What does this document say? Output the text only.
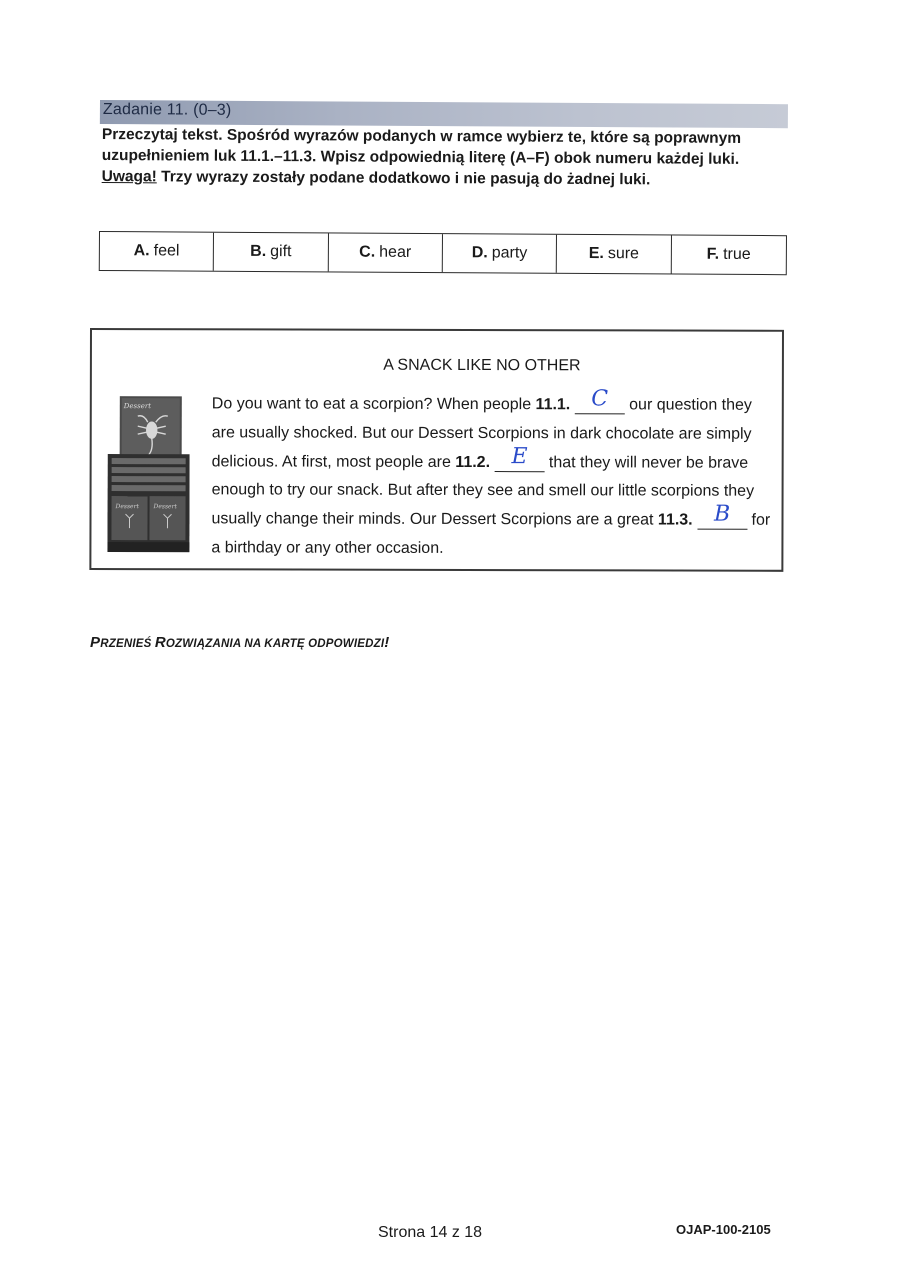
Zadanie 11. (0–3)

Przeczytaj tekst. Spośród wyrazów podanych w ramce wybierz te, które są poprawnym

uzupełnieniem luk 11.1.–11.3. Wpisz odpowiednią literę (A–F) obok numeru każdej luki.

Uwaga! Trzy wyrazy zostały podane dodatkowo i nie pasują do żadnej luki.

A. feel	B. gift	C. hear	D. party	E. sure	F. true
A SNACK LIKE NO OTHER
Dessert
Dessert Dessert
Do you want to eat a scorpion? When people 11.1. C our question they are usually shocked. But our Dessert Scorpions in dark chocolate are simply delicious. At first, most people are 11.2. E that they will never be brave enough to try our snack. But after they see and smell our little scorpions they usually change their minds. Our Dessert Scorpions are a great 11.3. B for a birthday or any other occasion.
PRZENIEŚ ROZWIĄZANIA NA KARTĘ ODPOWIEDZI!
Strona 14 z 18	OJAP-100-2105
